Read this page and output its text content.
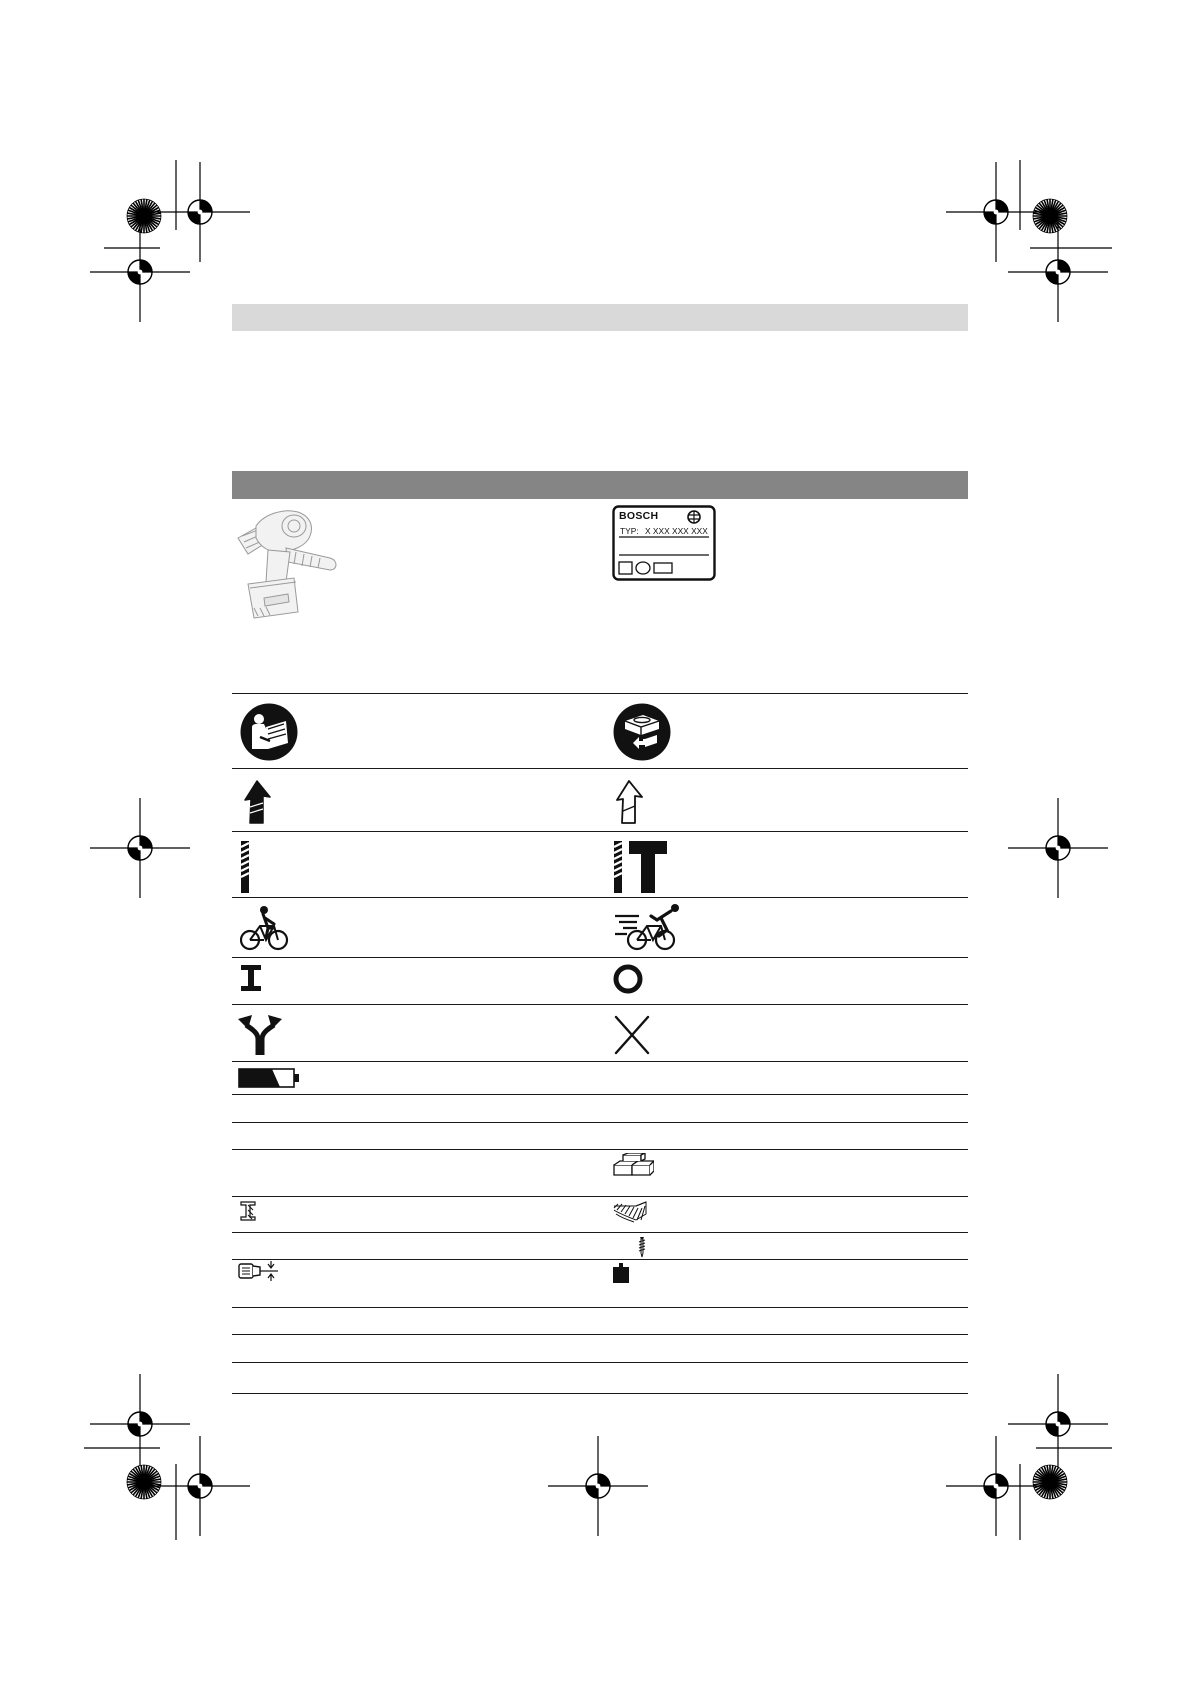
BOSCH
TYP: X XXX XXX XXX
